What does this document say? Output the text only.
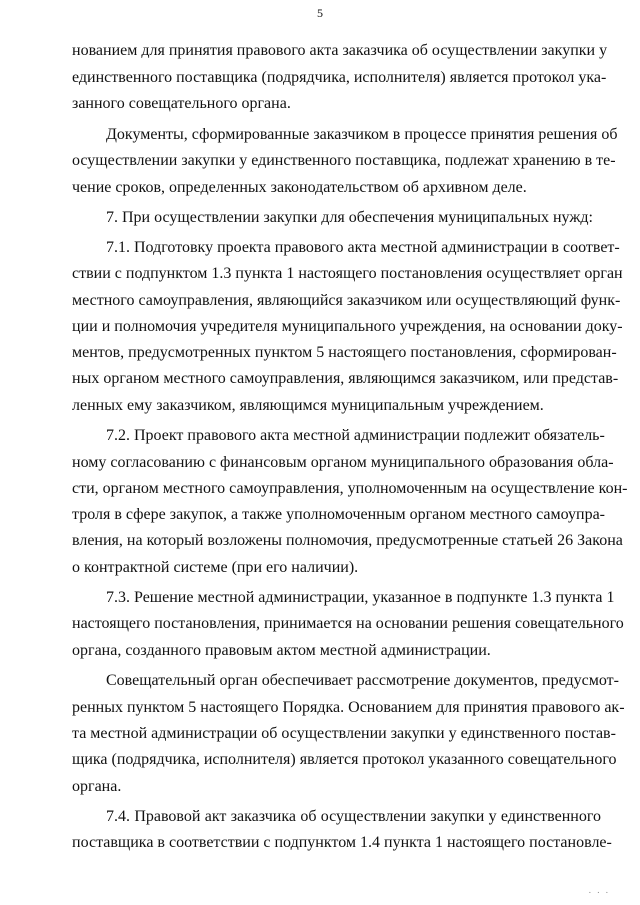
5
нованием для принятия правового акта заказчика об осуществлении закупки у
единственного поставщика (подрядчика, исполнителя) является протокол ука-
занного совещательного органа.
Документы, сформированные заказчиком в процессе принятия решения об
осуществлении закупки у единственного поставщика, подлежат хранению в те-
чение сроков, определенных законодательством об архивном деле.
7. При осуществлении закупки для обеспечения муниципальных нужд:
7.1. Подготовку проекта правового акта местной администрации в соответ-
ствии с подпунктом 1.3 пункта 1 настоящего постановления осуществляет орган
местного самоуправления, являющийся заказчиком или осуществляющий функ-
ции и полномочия учредителя муниципального учреждения, на основании доку-
ментов, предусмотренных пунктом 5 настоящего постановления, сформирован-
ных органом местного самоуправления, являющимся заказчиком, или представ-
ленных ему заказчиком, являющимся муниципальным учреждением.
7.2. Проект правового акта местной администрации подлежит обязатель-
ному согласованию с финансовым органом муниципального образования обла-
сти, органом местного самоуправления, уполномоченным на осуществление кон-
троля в сфере закупок, а также уполномоченным органом местного самоупра-
вления, на который возложены полномочия, предусмотренные статьей 26 Закона
о контрактной системе (при его наличии).
7.3. Решение местной администрации, указанное в подпункте 1.3 пункта 1
настоящего постановления, принимается на основании решения совещательного
органа, созданного правовым актом местной администрации.
Совещательный орган обеспечивает рассмотрение документов, предусмот-
ренных пунктом 5 настоящего Порядка. Основанием для принятия правового ак-
та местной администрации об осуществлении закупки у единственного постав-
щика (подрядчика, исполнителя) является протокол указанного совещательного
органа.
7.4. Правовой акт заказчика об осуществлении закупки у единственного
поставщика в соответствии с подпунктом 1.4 пункта 1 настоящего постановле-
. . .
